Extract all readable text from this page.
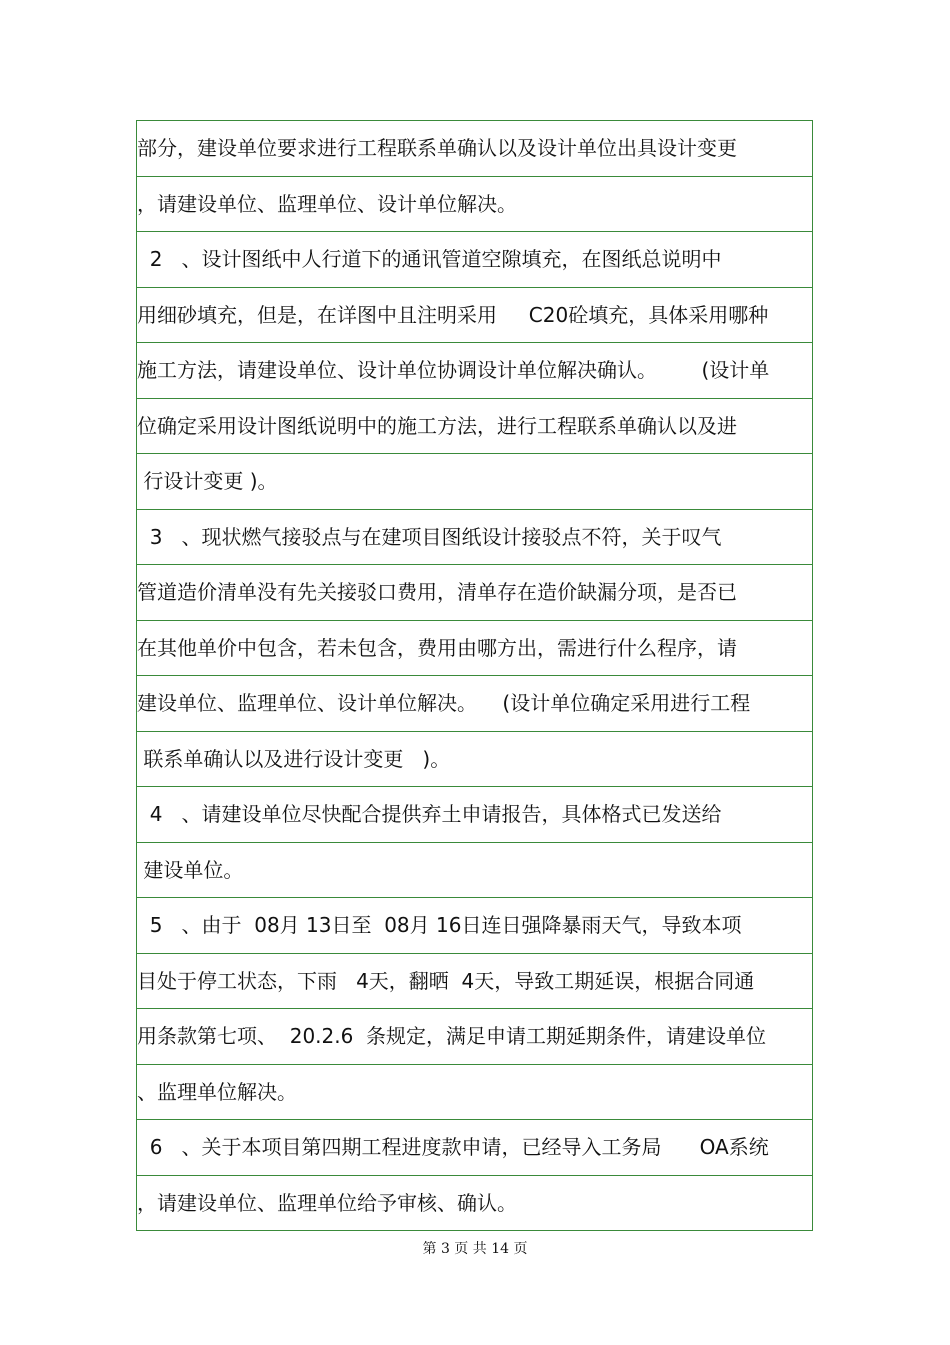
部分，建设单位要求进行工程联系单确认以及设计单位出具设计变更
，请建设单位、监理单位、设计单位解决。
2   、设计图纸中人行道下的通讯管道空隙填充，在图纸总说明中
用细砂填充，但是，在详图中且注明采用     C20砼填充，具体采用哪种
施工方法，请建设单位、设计单位协调设计单位解决确认。       (设计单
位确定采用设计图纸说明中的施工方法，进行工程联系单确认以及进
行设计变更 )。
3   、现状燃气接驳点与在建项目图纸设计接驳点不符，关于叹气
管道造价清单没有先关接驳口费用，清单存在造价缺漏分项，是否已
在其他单价中包含，若未包含，费用由哪方出，需进行什么程序，请
建设单位、监理单位、设计单位解决。    (设计单位确定采用进行工程
联系单确认以及进行设计变更   )。
4   、请建设单位尽快配合提供弃土申请报告，具体格式已发送给
建设单位。
5   、由于  08月 13日至  08月 16日连日强降暴雨天气，导致本项
目处于停工状态，下雨   4天，翻晒  4天，导致工期延误，根据合同通
用条款第七项、  20.2.6  条规定，满足申请工期延期条件，请建设单位
、监理单位解决。
6   、关于本项目第四期工程进度款申请，已经导入工务局      OA系统
，请建设单位、监理单位给予审核、确认。
第 3 页 共 14 页
